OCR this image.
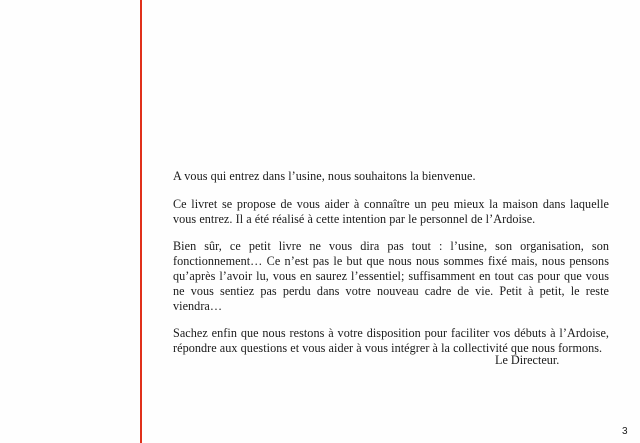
A vous qui entrez dans l’usine, nous souhaitons la bienvenue.

Ce livret se propose de vous aider à connaître un peu mieux la maison dans laquelle vous entrez. Il a été réalisé à cette intention par le personnel de l’Ardoise.

Bien sûr, ce petit livre ne vous dira pas tout : l’usine, son organisation, son fonctionnement… Ce n’est pas le but que nous nous sommes fixé mais, nous pensons qu’après l’avoir lu, vous en saurez l’essentiel; suffisamment en tout cas pour que vous ne vous sentiez pas perdu dans votre nouveau cadre de vie. Petit à petit, le reste viendra…

Sachez enfin que nous restons à votre disposition pour faciliter vos débuts à l’Ardoise, répondre aux questions et vous aider à vous intégrer à la collectivité que nous formons.

Le Directeur.
3
